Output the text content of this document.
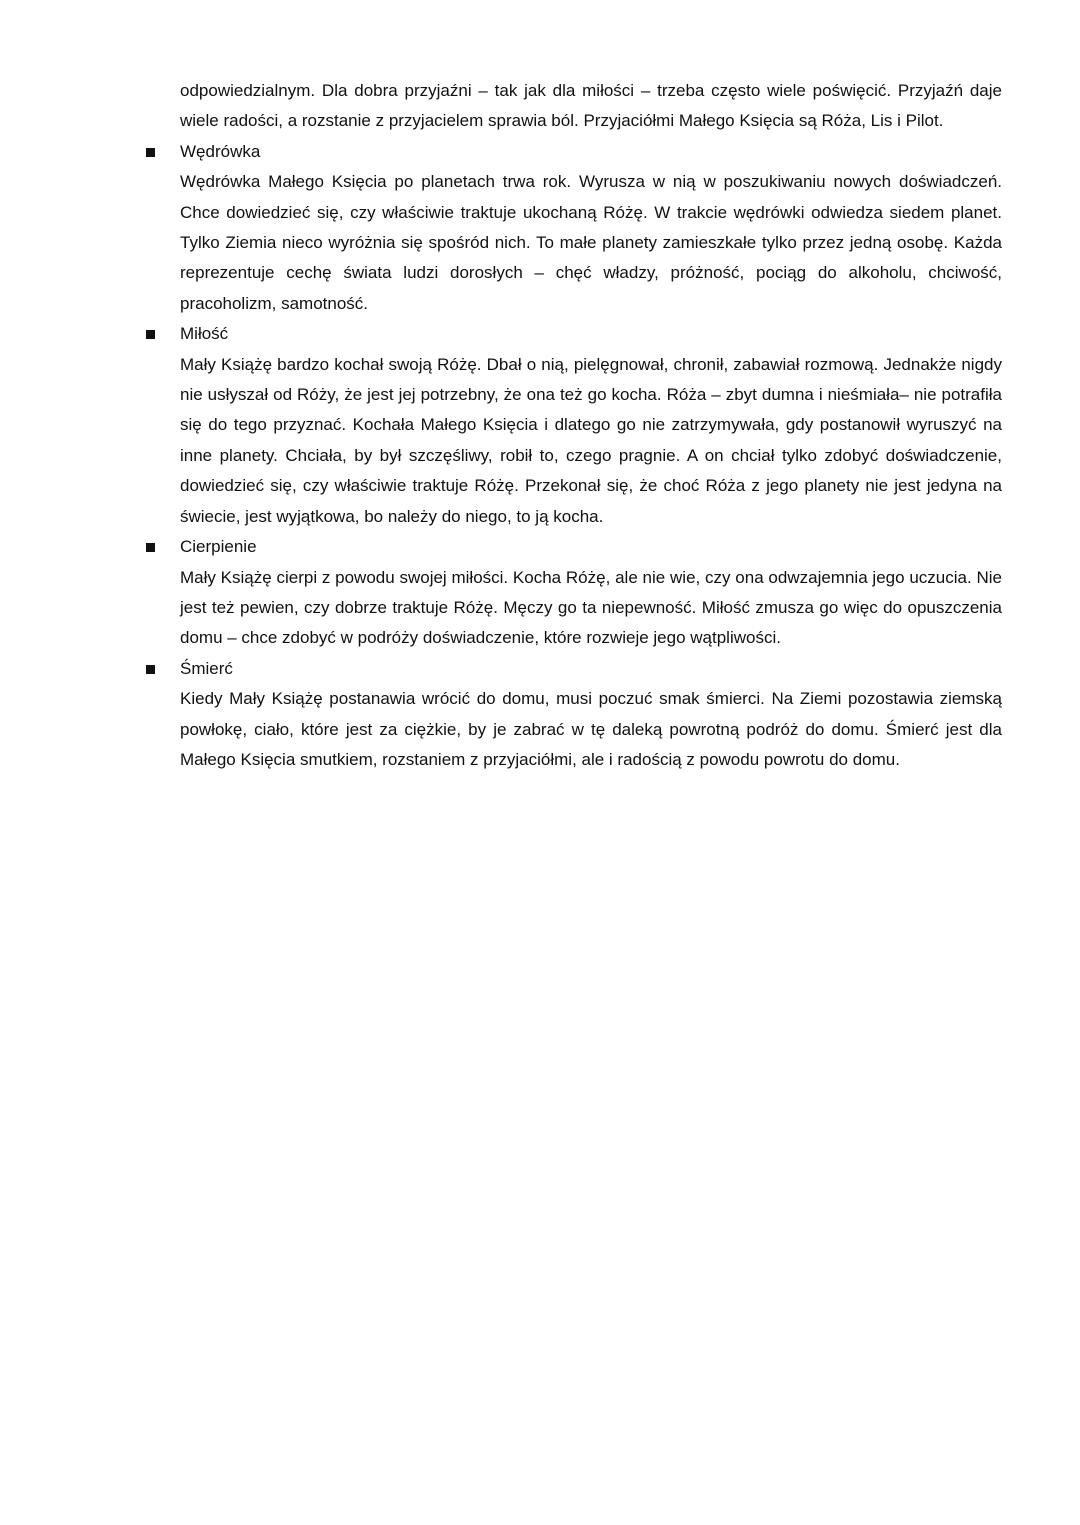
odpowiedzialnym. Dla dobra przyjaźni – tak jak dla miłości – trzeba często wiele poświęcić. Przyjaźń daje wiele radości, a rozstanie z przyjacielem sprawia ból. Przyjaciółmi Małego Księcia są Róża, Lis i Pilot.

Wędrówka

Wędrówka Małego Księcia po planetach trwa rok. Wyrusza w nią w poszukiwaniu nowych doświadczeń. Chce dowiedzieć się, czy właściwie traktuje ukochaną Różę. W trakcie wędrówki odwiedza siedem planet. Tylko Ziemia nieco wyróżnia się spośród nich. To małe planety zamieszkałe tylko przez jedną osobę. Każda reprezentuje cechę świata ludzi dorosłych – chęć władzy, próżność, pociąg do alkoholu, chciwość, pracoholizm, samotność.

Miłość

Mały Książę bardzo kochał swoją Różę. Dbał o nią, pielęgnował, chronił, zabawiał rozmową. Jednakże nigdy nie usłyszał od Róży, że jest jej potrzebny, że ona też go kocha. Róża – zbyt dumna i nieśmiała– nie potrafiła się do tego przyznać. Kochała Małego Księcia i dlatego go nie zatrzymywała, gdy postanowił wyruszyć na inne planety. Chciała, by był szczęśliwy, robił to, czego pragnie. A on chciał tylko zdobyć doświadczenie, dowiedzieć się, czy właściwie traktuje Różę. Przekonał się, że choć Róża z jego planety nie jest jedyna na świecie, jest wyjątkowa, bo należy do niego, to ją kocha.

Cierpienie

Mały Książę cierpi z powodu swojej miłości. Kocha Różę, ale nie wie, czy ona odwzajemnia jego uczucia. Nie jest też pewien, czy dobrze traktuje Różę. Męczy go ta niepewność. Miłość zmusza go więc do opuszczenia domu – chce zdobyć w podróży doświadczenie, które rozwieje jego wątpliwości.

Śmierć

Kiedy Mały Książę postanawia wrócić do domu, musi poczuć smak śmierci. Na Ziemi pozostawia ziemską powłokę, ciało, które jest za ciężkie, by je zabrać w tę daleką powrotną podróż do domu. Śmierć jest dla Małego Księcia smutkiem, rozstaniem z przyjaciółmi, ale i radością z powodu powrotu do domu.
